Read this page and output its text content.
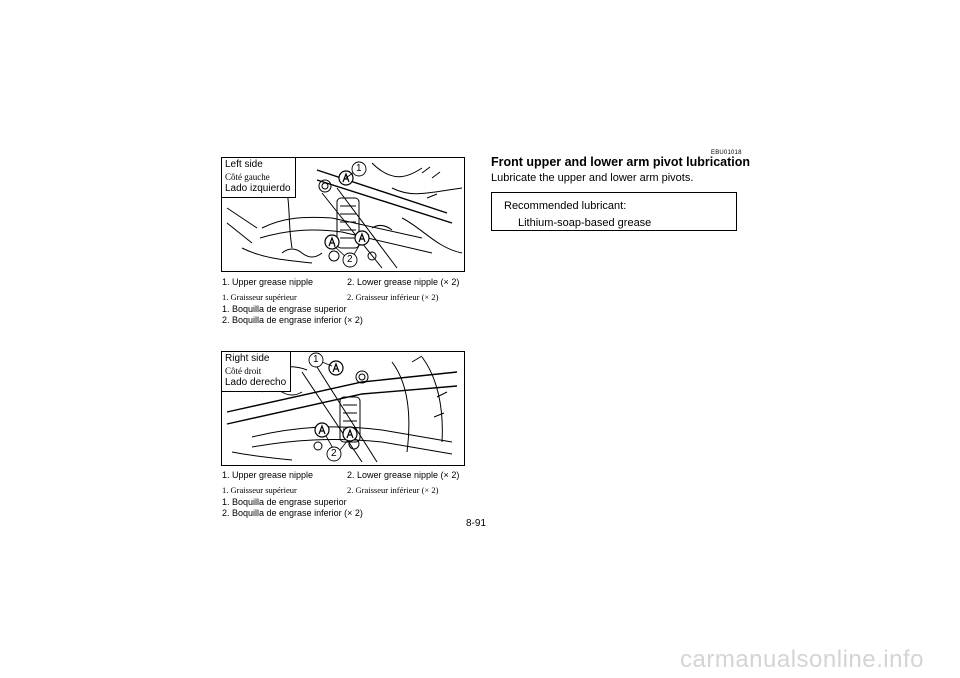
1
2
Left side
Côté gauche
Lado izquierdo
1. Upper grease nipple	2. Lower grease nipple (× 2)
1. Graisseur supérieur	2. Graisseur inférieur (× 2)
1. Boquilla de engrase superior
2. Boquilla de engrase inferior (× 2)
1
2
Right side
Côté droit
Lado derecho
1. Upper grease nipple	2. Lower grease nipple (× 2)
1. Graisseur supérieur	2. Graisseur inférieur (× 2)
1. Boquilla de engrase superior
2. Boquilla de engrase inferior (× 2)
8-91
EBU01018
Front upper and lower arm pivot lubrication
Lubricate the upper and lower arm pivots.
Recommended lubricant:
Lithium-soap-based grease
carmanualsonline.info
